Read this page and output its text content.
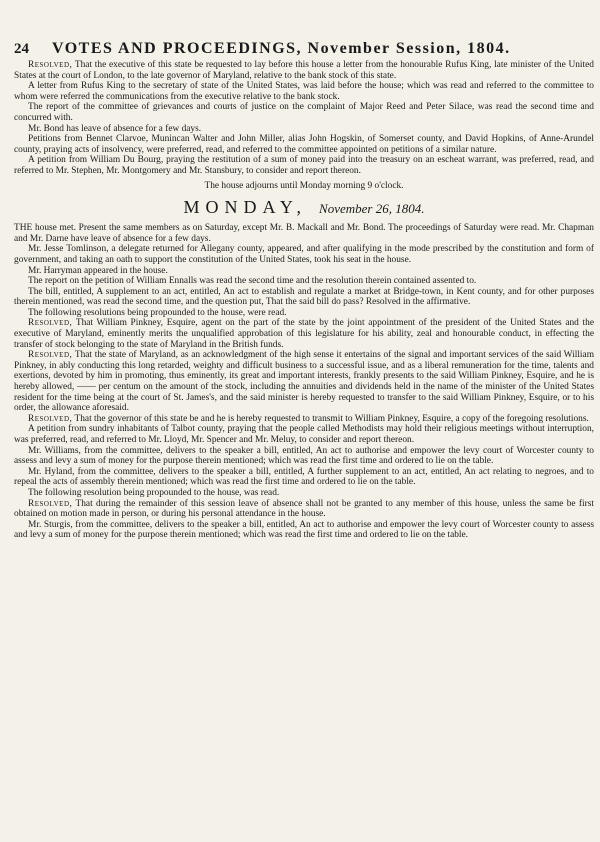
24	VOTES AND PROCEEDINGS, November Session, 1804.

Resolved, That the executive of this state be requested to lay before this house a letter from the honourable Rufus King, late minister of the United States at the court of London, to the late governor of Maryland, relative to the bank stock of this state.

A letter from Rufus King to the secretary of state of the United States, was laid before the house; which was read and referred to the committee to whom were referred the communications from the executive relative to the bank stock.

The report of the committee of grievances and courts of justice on the complaint of Major Reed and Peter Silace, was read the second time and concurred with.

Mr. Bond has leave of absence for a few days.

Petitions from Bennet Clarvoe, Munincan Walter and John Miller, alias John Hogskin, of Somerset county, and David Hopkins, of Anne-Arundel county, praying acts of insolvency, were preferred, read, and referred to the committee appointed on petitions of a similar nature.

A petition from William Du Bourg, praying the restitution of a sum of money paid into the treasury on an escheat warrant, was preferred, read, and referred to Mr. Stephen, Mr. Montgomery and Mr. Stansbury, to consider and report thereon.

The house adjourns until Monday morning 9 o'clock.
MONDAY, November 26, 1804.

THE house met. Present the same members as on Saturday, except Mr. B. Mackall and Mr. Bond. The proceedings of Saturday were read. Mr. Chapman and Mr. Darne have leave of absence for a few days.

Mr. Jesse Tomlinson, a delegate returned for Allegany county, appeared, and after qualifying in the mode prescribed by the constitution and form of government, and taking an oath to support the constitution of the United States, took his seat in the house.

Mr. Harryman appeared in the house.

The report on the petition of William Ennalls was read the second time and the resolution therein contained assented to.

The bill, entitled, A supplement to an act, entitled, An act to establish and regulate a market at Bridge-town, in Kent county, and for other purposes therein mentioned, was read the second time, and the question put, That the said bill do pass? Resolved in the affirmative.

The following resolutions being propounded to the house, were read.

Resolved, That William Pinkney, Esquire, agent on the part of the state by the joint appointment of the president of the United States and the executive of Maryland, eminently merits the unqualified approbation of this legislature for his ability, zeal and honourable conduct, in effecting the transfer of stock belonging to the state of Maryland in the British funds.

Resolved, That the state of Maryland, as an acknowledgment of the high sense it entertains of the signal and important services of the said William Pinkney, in ably conducting this long retarded, weighty and difficult business to a successful issue, and as a liberal remuneration for the time, talents and exertions, devoted by him in promoting, thus eminently, its great and important interests, frankly presents to the said William Pinkney, Esquire, and he is hereby allowed, —— per centum on the amount of the stock, including the annuities and dividends held in the name of the minister of the United States resident for the time being at the court of St. James's, and the said minister is hereby requested to transfer to the said William Pinkney, Esquire, or to his order, the allowance aforesaid.

Resolved, That the governor of this state be and he is hereby requested to transmit to William Pinkney, Esquire, a copy of the foregoing resolutions.

A petition from sundry inhabitants of Talbot county, praying that the people called Methodists may hold their religious meetings without interruption, was preferred, read, and referred to Mr. Lloyd, Mr. Spencer and Mr. Meluy, to consider and report thereon.

Mr. Williams, from the committee, delivers to the speaker a bill, entitled, An act to authorise and empower the levy court of Worcester county to assess and levy a sum of money for the purpose therein mentioned; which was read the first time and ordered to lie on the table.

Mr. Hyland, from the committee, delivers to the speaker a bill, entitled, A further supplement to an act, entitled, An act relating to negroes, and to repeal the acts of assembly therein mentioned; which was read the first time and ordered to lie on the table.

The following resolution being propounded to the house, was read.

Resolved, That during the remainder of this session leave of absence shall not be granted to any member of this house, unless the same be first obtained on motion made in person, or during his personal attendance in the house.

Mr. Sturgis, from the committee, delivers to the speaker a bill, entitled, An act to authorise and empower the levy court of Worcester county to assess and levy a sum of money for the purpose therein mentioned; which was read the first time and ordered to lie on the table.
